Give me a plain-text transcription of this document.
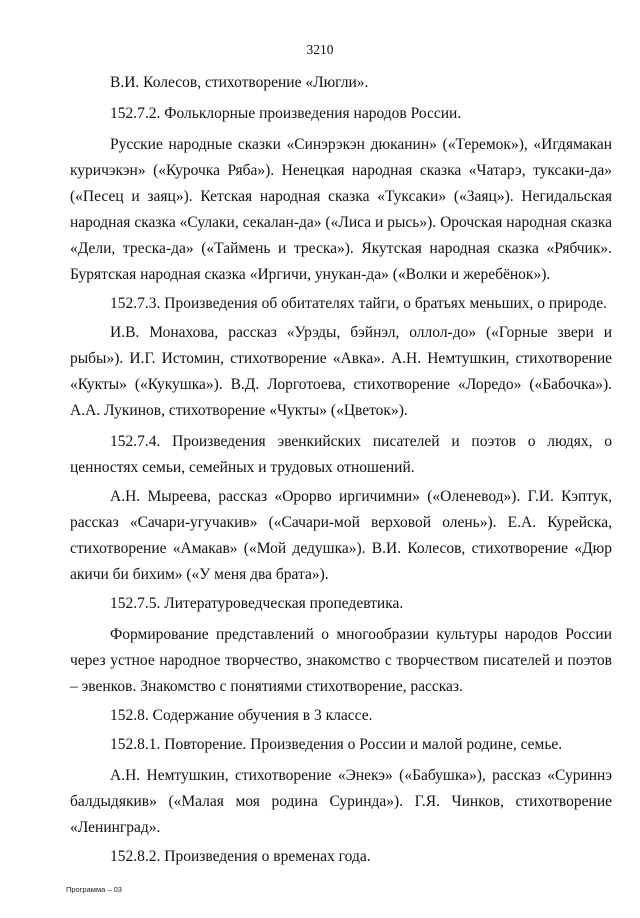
3210

В.И. Колесов, стихотворение «Люгли».

152.7.2. Фольклорные произведения народов России.

Русские народные сказки «Синэрэкэн дюканин» («Теремок»), «Игдямакан куричэкэн» («Курочка Ряба»). Ненецкая народная сказка «Чатарэ, туксаки-да» («Песец и заяц»). Кетская народная сказка «Туксаки» («Заяц»). Негидальская народная сказка «Сулаки, секалан-да» («Лиса и рысь»). Орочская народная сказка «Дели, треска-да» («Таймень и треска»). Якутская народная сказка «Рябчик». Бурятская народная сказка «Иргичи, унукан-да» («Волки и жеребёнок»).

152.7.3. Произведения об обитателях тайги, о братьях меньших, о природе.

И.В. Монахова, рассказ «Урэды, бэйнэл, оллол-до» («Горные звери и рыбы»). И.Г. Истомин, стихотворение «Авка». А.Н. Немтушкин, стихотворение «Кукты» («Кукушка»). В.Д. Лорготоева, стихотворение «Лоредо» («Бабочка»). А.А. Лукинов, стихотворение «Чукты» («Цветок»).

152.7.4. Произведения эвенкийских писателей и поэтов о людях, о ценностях семьи, семейных и трудовых отношений.

А.Н. Мыреева, рассказ «Орорво иргичимни» («Оленевод»). Г.И. Кэптук, рассказ «Сачари-угучакив» («Сачари-мой верховой олень»). Е.А. Курейска, стихотворение «Амакав» («Мой дедушка»). В.И. Колесов, стихотворение «Дюр акичи би бихим» («У меня два брата»).

152.7.5. Литературоведческая пропедевтика.

Формирование представлений о многообразии культуры народов России через устное народное творчество, знакомство с творчеством писателей и поэтов – эвенков. Знакомство с понятиями стихотворение, рассказ.

152.8. Содержание обучения в 3 классе.

152.8.1. Повторение. Произведения о России и малой родине, семье.

А.Н. Немтушкин, стихотворение «Энекэ» («Бабушка»), рассказ «Суриннэ балдыдякив» («Малая моя родина Суринда»). Г.Я. Чинков, стихотворение «Ленинград».

152.8.2. Произведения о временах года.

Программа – 03
